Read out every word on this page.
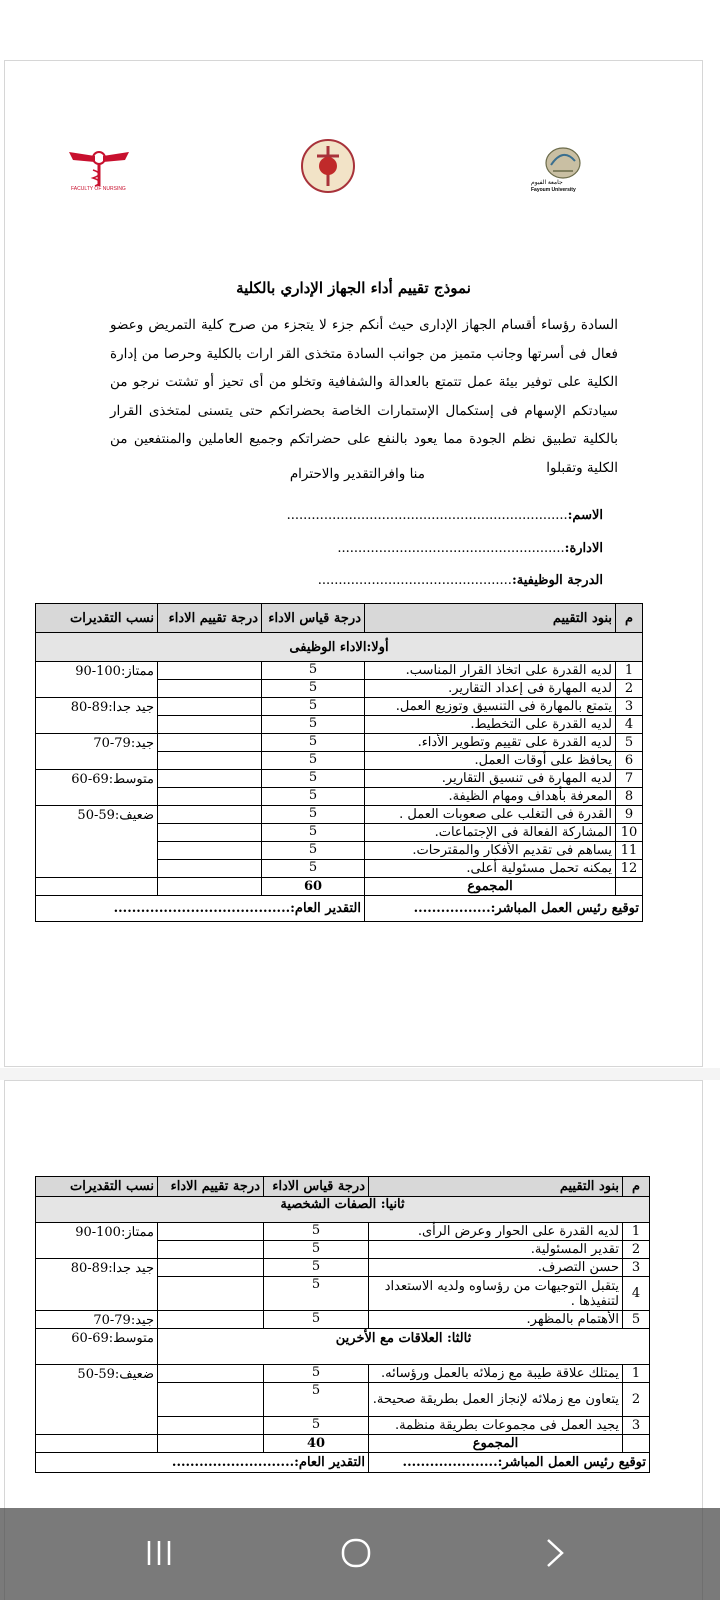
جامعة الفيوم
Fayoum University
FACULTY OF NURSING
نموذج تقييم أداء الجهاز الإداري بالكلية
السادة رؤساء أقسام الجهاز الإدارى حيث أنكم جزء لا يتجزء من صرح كلية التمريض وعضو فعال فى أسرتها وجانب متميز من جوانب السادة متخذى القر ارات بالكلية وحرصا من إدارة الكلية على توفير بيئة عمل تتمتع بالعدالة والشفافية وتخلو من أى تحيز أو تشتت نرجو من سيادتكم الإسهام فى إستكمال الإستمارات الخاصة بحضراتكم حتى يتسنى لمتخذى القرار بالكلية تطبيق نظم الجودة مما يعود بالنفع على حضراتكم وجميع العاملين والمنتفعين من الكلية وتقبلوا
منا وافرالتقدير والاحترام
الاسم:....................................................................
الادارة:.......................................................
الدرجة الوظيفية:...............................................
م	بنود التقييم	درجة قياس الاداء	درجة تقييم الاداء	نسب التقديرات
أولا:الاداء الوظيفى				
1	لديه القدرة على اتخاذ القرار المناسب.	5		ممتاز:100-90

2	لديه المهارة فى إعداد التقارير.	5		
3	يتمتع بالمهارة فى التنسيق وتوزيع العمل.	5		جيد جدا:89-80

4	لديه القدرة على التخطيط.	5		
5	لديه القدرة على تقييم وتطوير الأداء.	5		جيد:79-70

6	يحافظ على أوقات العمل.	5		
7	لديه المهارة فى تنسيق التقارير.	5		متوسط:69-60

8	المعرفة بأهداف ومهام الظيفة.	5		
9	القدرة فى التغلب على صعوبات العمل .	5		ضعيف:59-50

10	المشاركة الفعالة فى الإجتماعات.	5		
11	يساهم فى تقديم الأفكار والمقترحات.	5		
12	يمكنه تحمل مسئولية أعلى.	5		
	المجموع	60		
توقيع رئيس العمل المباشر:.................		التقدير العام:.......................................		
م	بنود التقييم	درجة قياس الاداء	درجة تقييم الاداء	نسب التقديرات
ثانيا: الصفات الشخصية				
1	لديه القدرة على الحوار وعرض الرأى.	5		ممتاز:100-90

2	تقدير المسئولية.	5		
3	حسن التصرف.	5		جيد جدا:89-80

4	يتقبل التوجيهات من رؤساوه ولديه الاستعداد لتنفيذها .	5		
5	الأهتمام بالمظهر.	5		جيد:79-70

ثالثا: العلاقات مع الأخرين				متوسط:69-60

1	يمتلك علاقة طيبة مع زملائه بالعمل ورؤسائه.	5		ضعيف:59-50

2	يتعاون مع زملائه لإنجاز العمل بطريقة صحيحة.	5		
3	يجيد العمل فى مجموعات بطريقة منظمة.	5		
	المجموع	40		
توقيع رئيس العمل المباشر:.....................		التقدير العام:...........................		
